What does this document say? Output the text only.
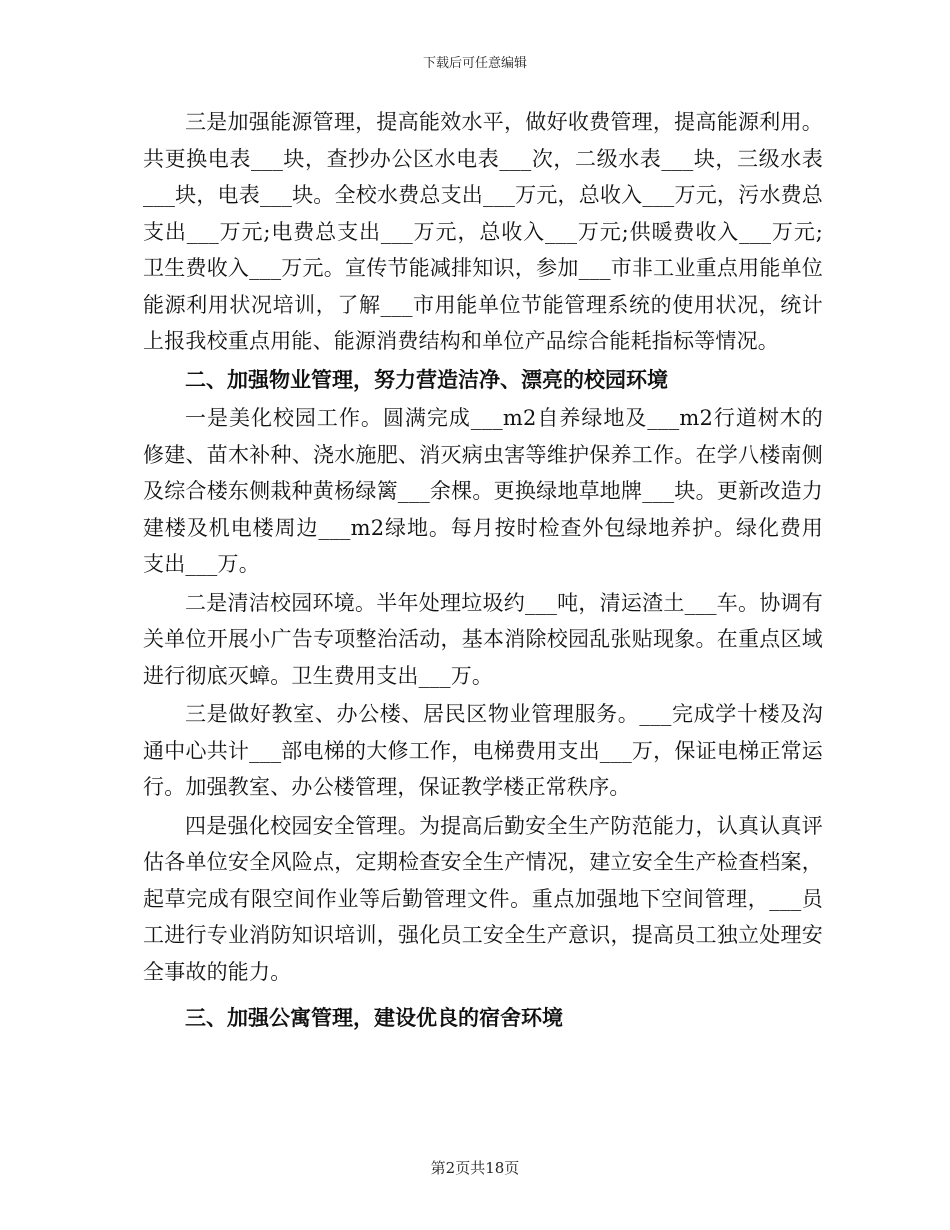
下载后可任意编辑

三是加强能源管理，提高能效水平，做好收费管理，提高能源利用。共更换电表___块，查抄办公区水电表___次，二级水表___块，三级水表___块，电表___块。全校水费总支出___万元，总收入___万元，污水费总支出___万元;电费总支出___万元，总收入___万元;供暖费收入___万元;卫生费收入___万元。宣传节能减排知识，参加___市非工业重点用能单位能源利用状况培训，了解___市用能单位节能管理系统的使用状况，统计上报我校重点用能、能源消费结构和单位产品综合能耗指标等情况。

二、加强物业管理，努力营造洁净、漂亮的校园环境

一是美化校园工作。圆满完成___m2自养绿地及___m2行道树木的修建、苗木补种、浇水施肥、消灭病虫害等维护保养工作。在学八楼南侧及综合楼东侧栽种黄杨绿篱___余棵。更换绿地草地牌___块。更新改造力建楼及机电楼周边___m2绿地。每月按时检查外包绿地养护。绿化费用支出___万。

二是清洁校园环境。半年处理垃圾约___吨，清运渣土___车。协调有关单位开展小广告专项整治活动，基本消除校园乱张贴现象。在重点区域进行彻底灭蟑。卫生费用支出___万。

三是做好教室、办公楼、居民区物业管理服务。___完成学十楼及沟通中心共计___部电梯的大修工作，电梯费用支出___万，保证电梯正常运行。加强教室、办公楼管理，保证教学楼正常秩序。

四是强化校园安全管理。为提高后勤安全生产防范能力，认真认真评估各单位安全风险点，定期检查安全生产情况，建立安全生产检查档案，起草完成有限空间作业等后勤管理文件。重点加强地下空间管理，___员工进行专业消防知识培训，强化员工安全生产意识，提高员工独立处理安全事故的能力。

三、加强公寓管理，建设优良的宿舍环境

第2页共18页
